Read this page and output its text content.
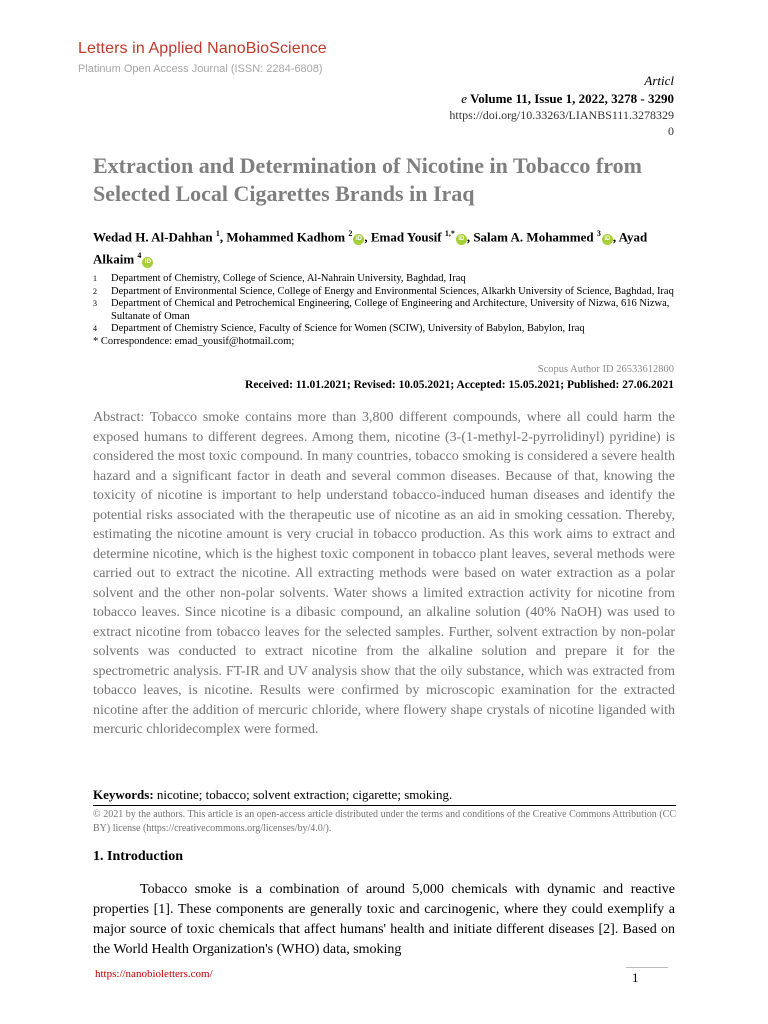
Letters in Applied NanoBioScience
Platinum Open Access Journal (ISSN: 2284-6808)
Articl
e Volume 11, Issue 1, 2022, 3278 - 3290
https://doi.org/10.33263/LIANBS111.3278329
0
Extraction and Determination of Nicotine in Tobacco from Selected Local Cigarettes Brands in Iraq
Wedad H. Al-Dahhan $^1$, Mohammed Kadhom $^2$iD , Emad Yousif $^{1,*}$iD , Salam A. Mohammed $^3$iD , Ayad Alkaim $^4$iD
1	Department of Chemistry, College of Science, Al-Nahrain University, Baghdad, Iraq
2	Department of Environmental Science, College of Energy and Environmental Sciences, Alkarkh University of Science, Baghdad, Iraq
3	Department of Chemical and Petrochemical Engineering, College of Engineering and Architecture, University of Nizwa, 616 Nizwa, Sultanate of Oman
4	Department of Chemistry Science, Faculty of Science for Women (SCIW), University of Babylon, Babylon, Iraq
* Correspondence: emad_yousif@hotmail.com;
Scopus Author ID 26533612800
Received: 11.01.2021; Revised: 10.05.2021; Accepted: 15.05.2021; Published: 27.06.2021
Abstract: Tobacco smoke contains more than 3,800 different compounds, where all could harm the exposed humans to different degrees. Among them, nicotine (3-(1-methyl-2-pyrrolidinyl) pyridine) is considered the most toxic compound. In many countries, tobacco smoking is considered a severe health hazard and a significant factor in death and several common diseases. Because of that, knowing the toxicity of nicotine is important to help understand tobacco-induced human diseases and identify the potential risks associated with the therapeutic use of nicotine as an aid in smoking cessation. Thereby, estimating the nicotine amount is very crucial in tobacco production. As this work aims to extract and determine nicotine, which is the highest toxic component in tobacco plant leaves, several methods were carried out to extract the nicotine. All extracting methods were based on water extraction as a polar solvent and the other non-polar solvents. Water shows a limited extraction activity for nicotine from tobacco leaves. Since nicotine is a dibasic compound, an alkaline solution (40% NaOH) was used to extract nicotine from tobacco leaves for the selected samples. Further, solvent extraction by non-polar solvents was conducted to extract nicotine from the alkaline solution and prepare it for the spectrometric analysis. FT-IR and UV analysis show that the oily substance, which was extracted from tobacco leaves, is nicotine. Results were confirmed by microscopic examination for the extracted nicotine after the addition of mercuric chloride, where flowery shape crystals of nicotine liganded with mercuric chloridecomplex were formed.
Keywords: nicotine; tobacco; solvent extraction; cigarette; smoking.
© 2021 by the authors. This article is an open-access article distributed under the terms and conditions of the Creative Commons Attribution (CC BY) license (https://creativecommons.org/licenses/by/4.0/).
1. Introduction
Tobacco smoke is a combination of around 5,000 chemicals with dynamic and reactive properties [1]. These components are generally toxic and carcinogenic, where they could exemplify a major source of toxic chemicals that affect humans' health and initiate different diseases [2]. Based on the World Health Organization's (WHO) data, smoking
https://nanobioletters.com/	1
